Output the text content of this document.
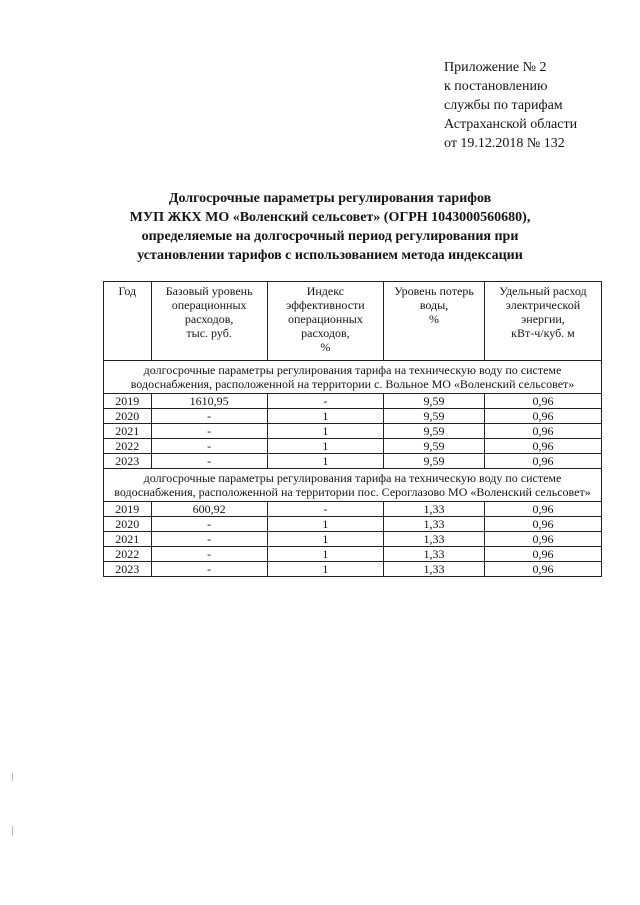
Приложение № 2
к постановлению
службы по тарифам
Астраханской области
от 19.12.2018 № 132
Долгосрочные параметры регулирования тарифов
МУП ЖКХ МО «Воленский сельсовет» (ОГРН 1043000560680),
определяемые на долгосрочный период регулирования при
установлении тарифов с использованием метода индексации
Год	Базовый уровень
операционных
расходов,
тыс. руб.	Индекс
эффективности
операционных
расходов,
%	Уровень потерь
воды,
%	Удельный расход
электрической
энергии,
кВт-ч/куб. м

долгосрочные параметры регулирования тарифа на техническую воду по системе водоснабжения, расположенной на территории с. Вольное МО «Воленский сельсовет»				
2019	1610,95	-	9,59	0,96
2020	-	1	9,59	0,96
2021	-	1	9,59	0,96
2022	-	1	9,59	0,96
2023	-	1	9,59	0,96
долгосрочные параметры регулирования тарифа на техническую воду по системе водоснабжения, расположенной на территории пос. Сероглазово МО «Воленский сельсовет»				
2019	600,92	-	1,33	0,96
2020	-	1	1,33	0,96
2021	-	1	1,33	0,96
2022	-	1	1,33	0,96
2023	-	1	1,33	0,96
